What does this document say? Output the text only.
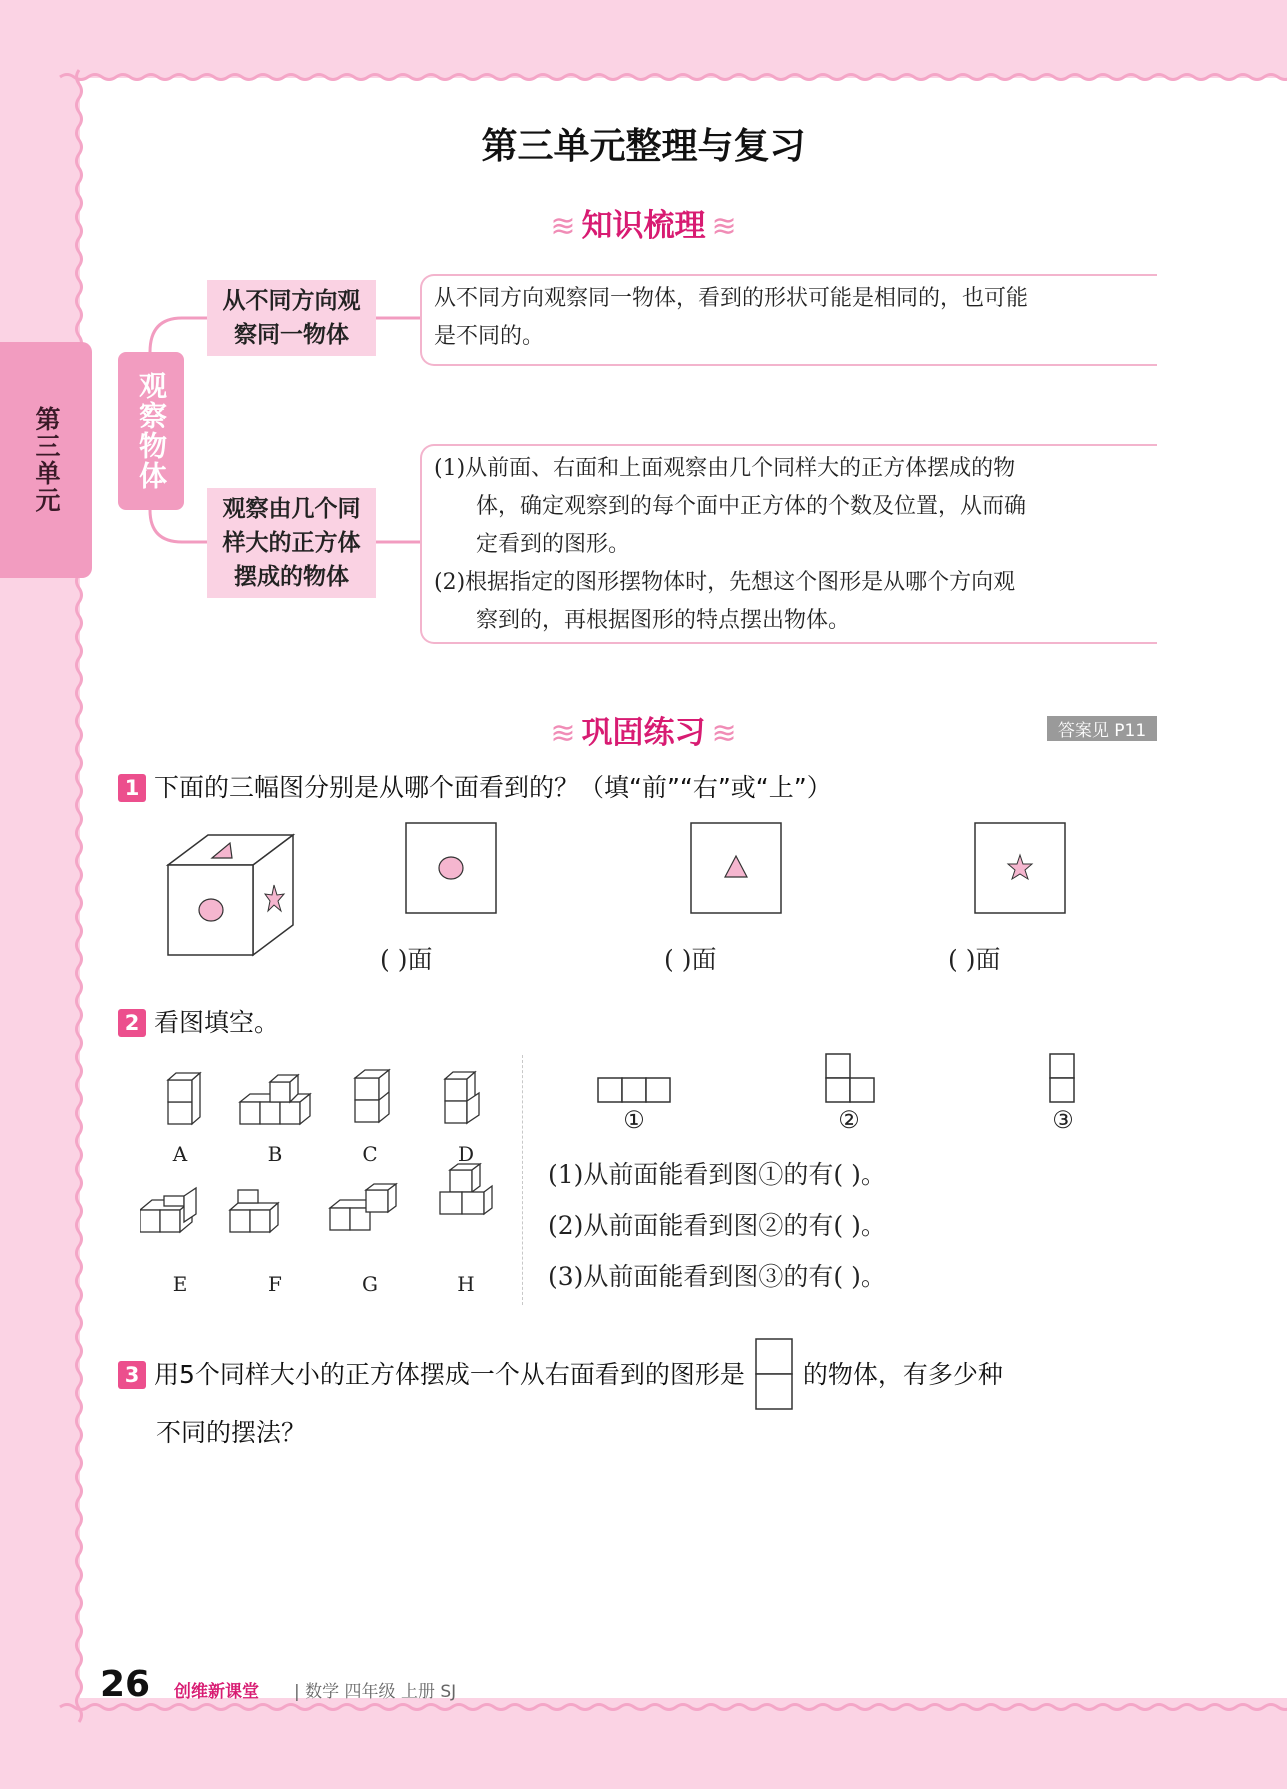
第三单元
第三单元整理与复习
≋ 知识梳理 ≋
观察物体
从不同方向观
察同一物体
从不同方向观察同一物体，看到的形状可能是相同的，也可能
是不同的。
观察由几个同
样大的正方体
摆成的物体
(1)从前面、右面和上面观察由几个同样大的正方体摆成的物
体，确定观察到的每个面中正方体的个数及位置，从而确
定看到的图形。
(2)根据指定的图形摆物体时，先想这个图形是从哪个方向观
察到的，再根据图形的特点摆出物体。
≋ 巩固练习 ≋	答案见 P11
1 下面的三幅图分别是从哪个面看到的？（填“前”“右”或“上”）
( )面	( )面	( )面
2 看图填空。
A	B	C	D
E	F	G	H
①	②	③
(1)从前面能看到图①的有( )。
(2)从前面能看到图②的有( )。
(3)从前面能看到图③的有( )。
3 用5个同样大小的正方体摆成一个从右面看到的图形是 的物体，有多少种
不同的摆法？
26 创维新课堂 | 数学 四年级 上册 SJ
